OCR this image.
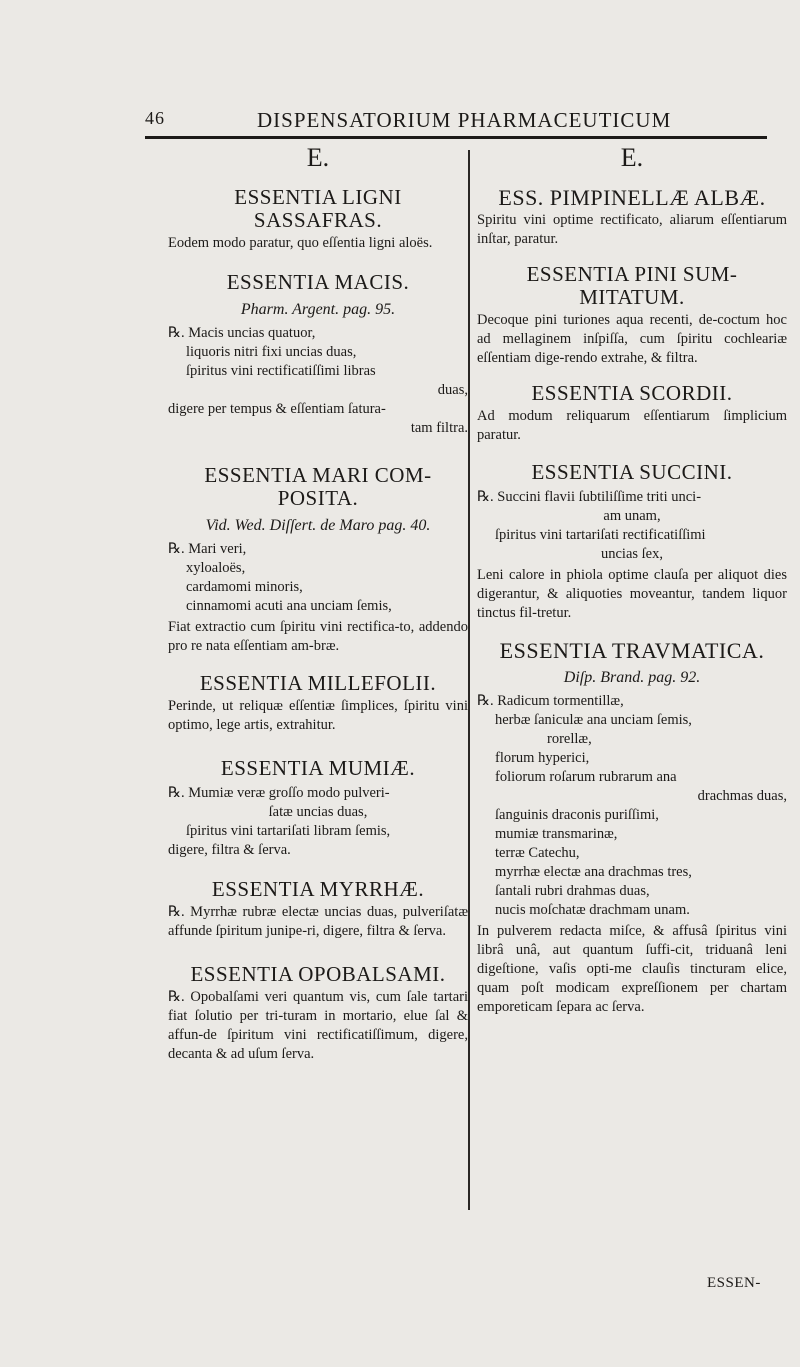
46	DISPENSATORIUM PHARMACEUTICUM
E.
ESSENTIA LIGNI SASSAFRAS.

Eodem modo paratur, quo eſſentia ligni aloës.

ESSENTIA MACIS.
Pharm. Argent. pag. 95.
℞. Macis uncias quatuor,
liquoris nitri fixi uncias duas,
ſpiritus vini rectificatiſſimi libras
duas,
digere per tempus & eſſentiam ſatura-
tam filtra.
ESSENTIA MARI COM-POSITA.
Vid. Wed. Diſſert. de Maro pag. 40.
℞. Mari veri,
xyloaloës,
cardamomi minoris,
cinnamomi acuti ana unciam ſemis,

Fiat extractio cum ſpiritu vini rectifica-to, addendo pro re nata eſſentiam am-bræ.

ESSENTIA MILLEFOLII.

Perinde, ut reliquæ eſſentiæ ſimplices, ſpiritu vini optimo, lege artis, extrahitur.

ESSENTIA MUMIÆ.
℞. Mumiæ veræ groſſo modo pulveri-
ſatæ uncias duas,
ſpiritus vini tartariſati libram ſemis,
digere, filtra & ſerva.
ESSENTIA MYRRHÆ.

℞. Myrrhæ rubræ electæ uncias duas, pulveriſatæ affunde ſpiritum junipe-ri, digere, filtra & ſerva.

ESSENTIA OPOBALSAMI.

℞. Opobalſami veri quantum vis, cum ſale tartari fiat ſolutio per tri-turam in mortario, elue ſal & affun-de ſpiritum vini rectificatiſſimum, digere, decanta & ad uſum ſerva.

E.
ESS. PIMPINELLÆ ALBÆ.

Spiritu vini optime rectificato, aliarum eſſentiarum inſtar, paratur.

ESSENTIA PINI SUM-MITATUM.

Decoque pini turiones aqua recenti, de-coctum hoc ad mellaginem inſpiſſa, cum ſpiritu cochleariæ eſſentiam dige-rendo extrahe, & filtra.

ESSENTIA SCORDII.

Ad modum reliquarum eſſentiarum ſimplicium paratur.

ESSENTIA SUCCINI.
℞. Succini flavii ſubtiliſſime triti unci-
am unam,
ſpiritus vini tartariſati rectificatiſſimi
uncias ſex,

Leni calore in phiola optime clauſa per aliquot dies digerantur, & aliquoties moveantur, tandem liquor tinctus fil-tretur.

ESSENTIA TRAVMATICA.
Diſp. Brand. pag. 92.
℞. Radicum tormentillæ,
herbæ ſaniculæ ana unciam ſemis,
rorellæ,
florum hyperici,
foliorum roſarum rubrarum ana
drachmas duas,
ſanguinis draconis puriſſimi,
mumiæ transmarinæ,
terræ Catechu,
myrrhæ electæ ana drachmas tres,
ſantali rubri drahmas duas,
nucis moſchatæ drachmam unam.

In pulverem redacta miſce, & affusâ ſpiritus vini librâ unâ, aut quantum ſuffi-cit, triduanâ leni digeſtione, vaſis opti-me clauſis tincturam elice, quam poſt modicam expreſſionem per chartam emporeticam ſepara ac ſerva.

ESSEN-
